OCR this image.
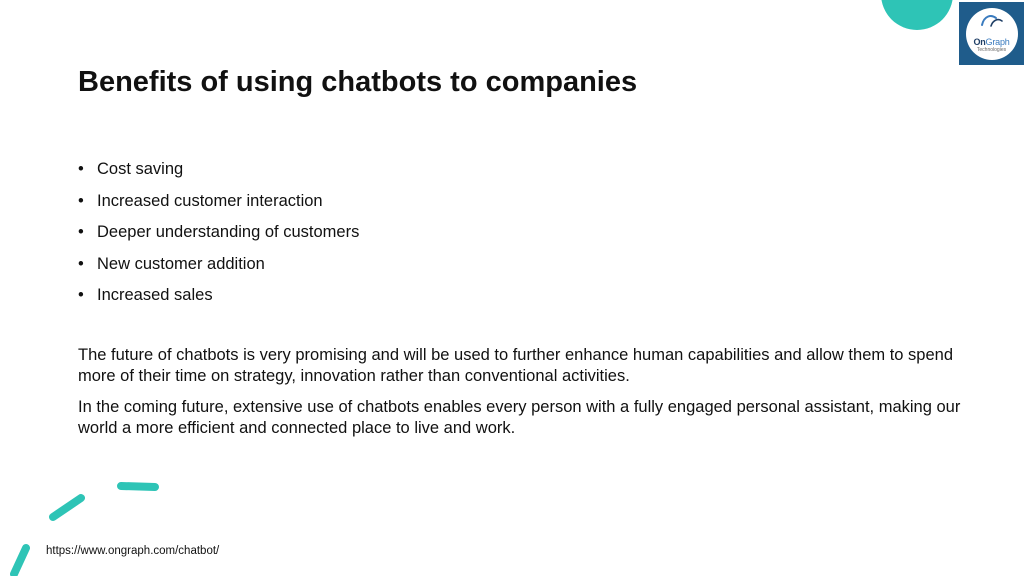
OnGraph
Technologies
Benefits of using chatbots to companies
• Cost saving
• Increased customer interaction
• Deeper understanding of customers
• New customer addition
• Increased sales

The future of chatbots is very promising and will be used to further enhance human capabilities and allow them to spend more of their time on strategy, innovation rather than conventional activities.

In the coming future, extensive use of chatbots enables every person with a fully engaged personal assistant, making our world a more efficient and connected place to live and work.

https://www.ongraph.com/chatbot/
